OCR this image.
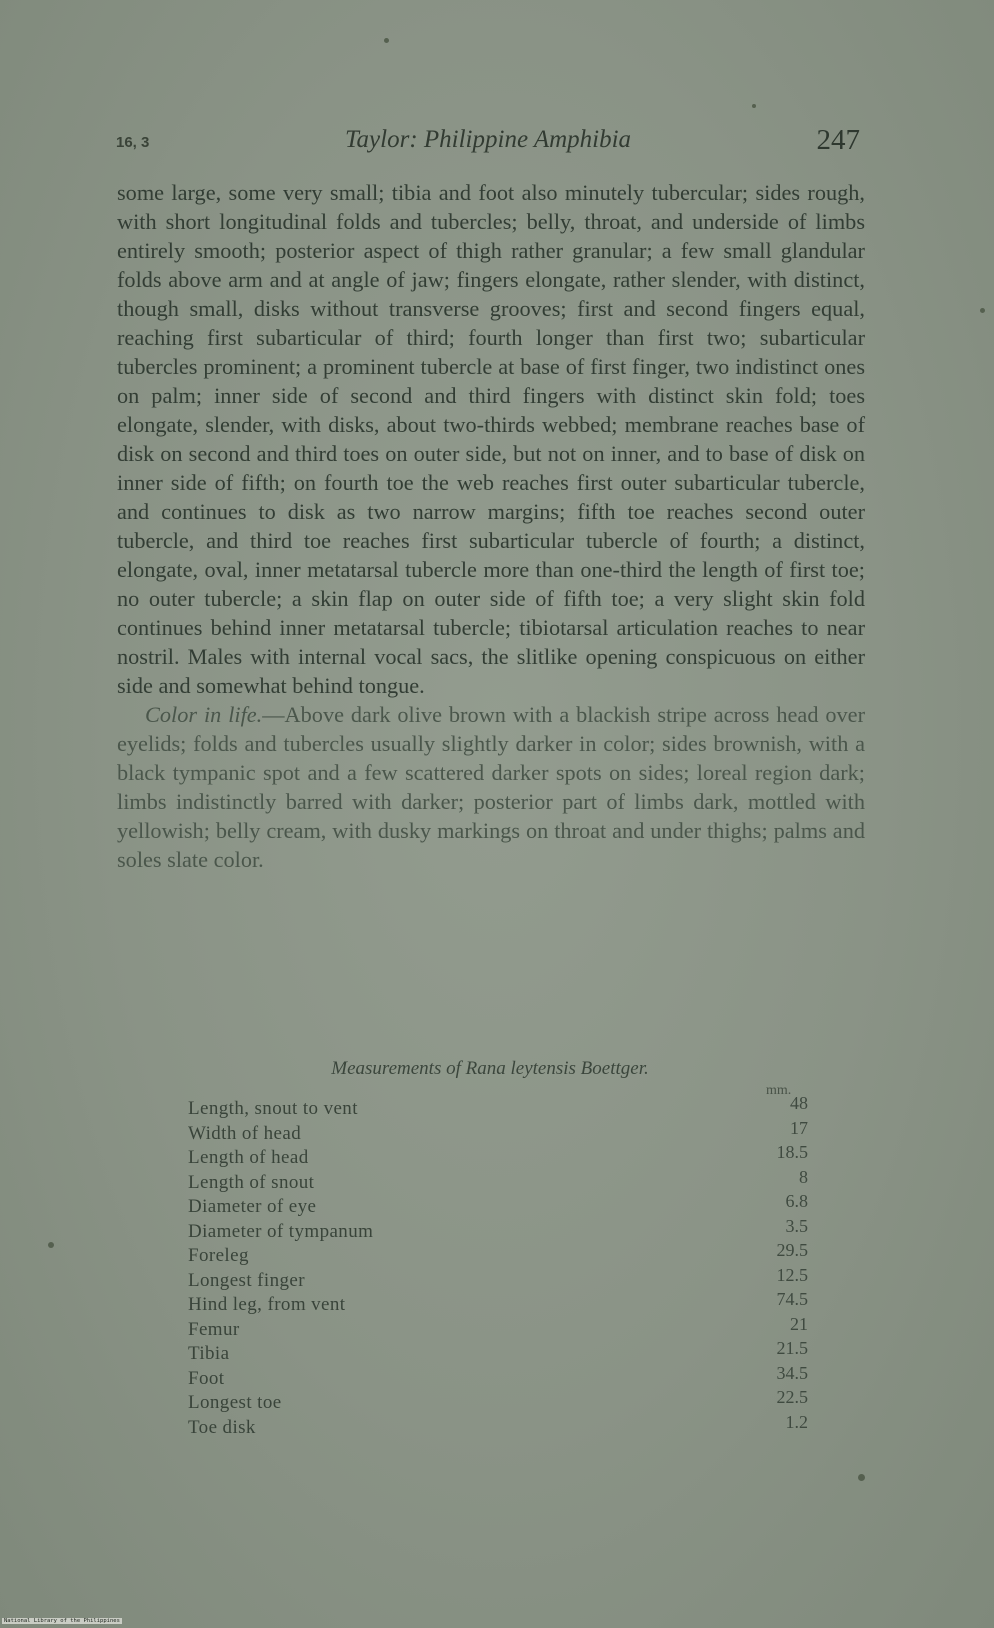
16, 3	Taylor: Philippine Amphibia	247

some large, some very small; tibia and foot also minutely tubercular; sides rough, with short longitudinal folds and tubercles; belly, throat, and underside of limbs entirely smooth; posterior aspect of thigh rather granular; a few small glandular folds above arm and at angle of jaw; fingers elongate, rather slender, with distinct, though small, disks without transverse grooves; first and second fingers equal, reaching first subarticular of third; fourth longer than first two; subarticular tubercles prominent; a prominent tubercle at base of first finger, two indistinct ones on palm; inner side of second and third fingers with distinct skin fold; toes elongate, slender, with disks, about two-thirds webbed; membrane reaches base of disk on second and third toes on outer side, but not on inner, and to base of disk on inner side of fifth; on fourth toe the web reaches first outer subarticular tubercle, and continues to disk as two narrow margins; fifth toe reaches second outer tubercle, and third toe reaches first subarticular tubercle of fourth; a distinct, elongate, oval, inner metatarsal tubercle more than one-third the length of first toe; no outer tubercle; a skin flap on outer side of fifth toe; a very slight skin fold continues behind inner metatarsal tubercle; tibiotarsal articulation reaches to near nostril. Males with internal vocal sacs, the slitlike opening conspicuous on either side and somewhat behind tongue.

Color in life.—Above dark olive brown with a blackish stripe across head over eyelids; folds and tubercles usually slightly darker in color; sides brownish, with a black tympanic spot and a few scattered darker spots on sides; loreal region dark; limbs indistinctly barred with darker; posterior part of limbs dark, mottled with yellowish; belly cream, with dusky markings on throat and under thighs; palms and soles slate color.

Measurements of Rana leytensis Boettger.
mm.
Length, snout to vent	48
Width of head	17
Length of head	18.5
Length of snout	8
Diameter of eye	6.8
Diameter of tympanum	3.5
Foreleg	29.5
Longest finger	12.5
Hind leg, from vent	74.5
Femur	21
Tibia	21.5
Foot	34.5
Longest toe	22.5
Toe disk	1.2
National Library of the Philippines
